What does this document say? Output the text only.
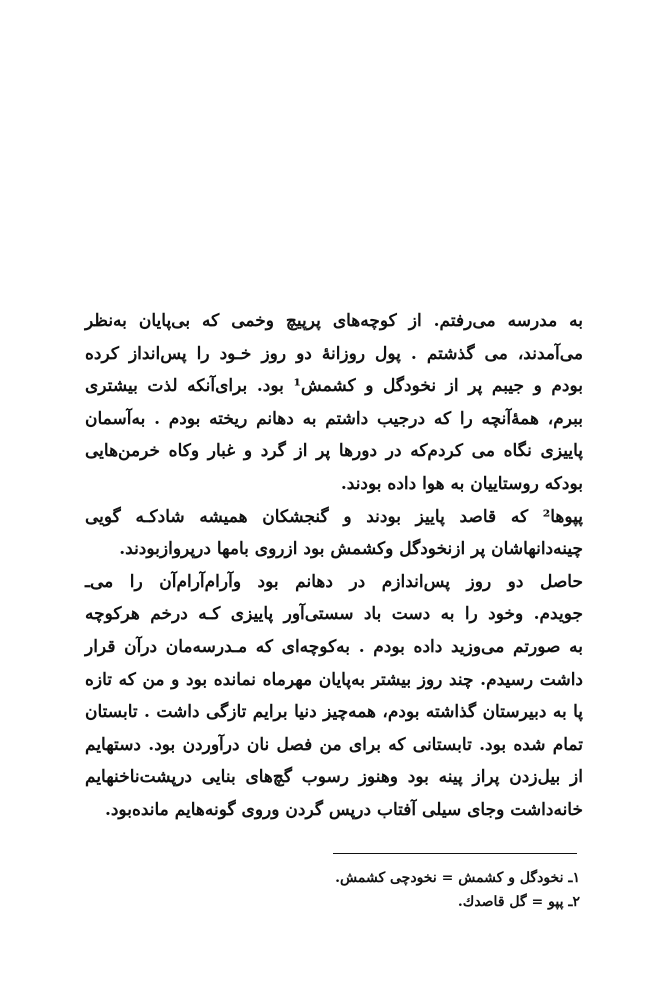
به مدرسه می‌رفتم. از کوچه‌های پرپیچ وخمی که بی‌پایان به‌نظر
می‌آمدند، می گذشتم . پول روزانهٔ دو روز خـود را پس‌انداز کرده
بودم و جیبم پر از نخودگل و کشمش¹ بود. برای‌آنکه لذت بیشتری
ببرم، همهٔ‌آنچه را که درجیب داشتم به دهانم ریخته بودم . به‌آسمان
پاییزی نگاه می کردم‌که در دورها پر از گرد و غبار وکاه خرمن‌هایی
بودکه روستاییان به هوا داده بودند.
پپوها² که قاصد پاییز بودند و گنجشکان همیشه شادکـه گویی
چینه‌دانهاشان پر ازنخودگل وکشمش بود ازروی بامها درپروازبودند.
حاصل دو روز پس‌اندازم در دهانم بود وآرام‌آرام‌آن را می‌ـ
جویدم. وخود را به دست باد سستی‌آور پاییزی کـه درخم هرکوچه
به صورتم می‌وزید داده بودم . به‌کوچه‌ای که مـدرسه‌مان درآن قرار
داشت رسیدم. چند روز بیشتر به‌پایان مهرماه نمانده بود و من که تازه
پا به دبیرستان گذاشته بودم، همه‌چیز دنیا برایم تازگی داشت . تابستان
تمام شده بود. تابستانی که برای من فصل نان درآوردن بود. دستهایم
از بیل‌زدن پراز پینه بود وهنوز رسوب گچ‌های بنایی درپشت‌ناخنهایم
خانه‌داشت وجای سیلی آفتاب درپس گردن وروی گونه‌هایم مانده‌بود.
۱ـ نخودگل و کشمش = نخودچی کشمش.
۲ـ پپو = گل قاصدك.
